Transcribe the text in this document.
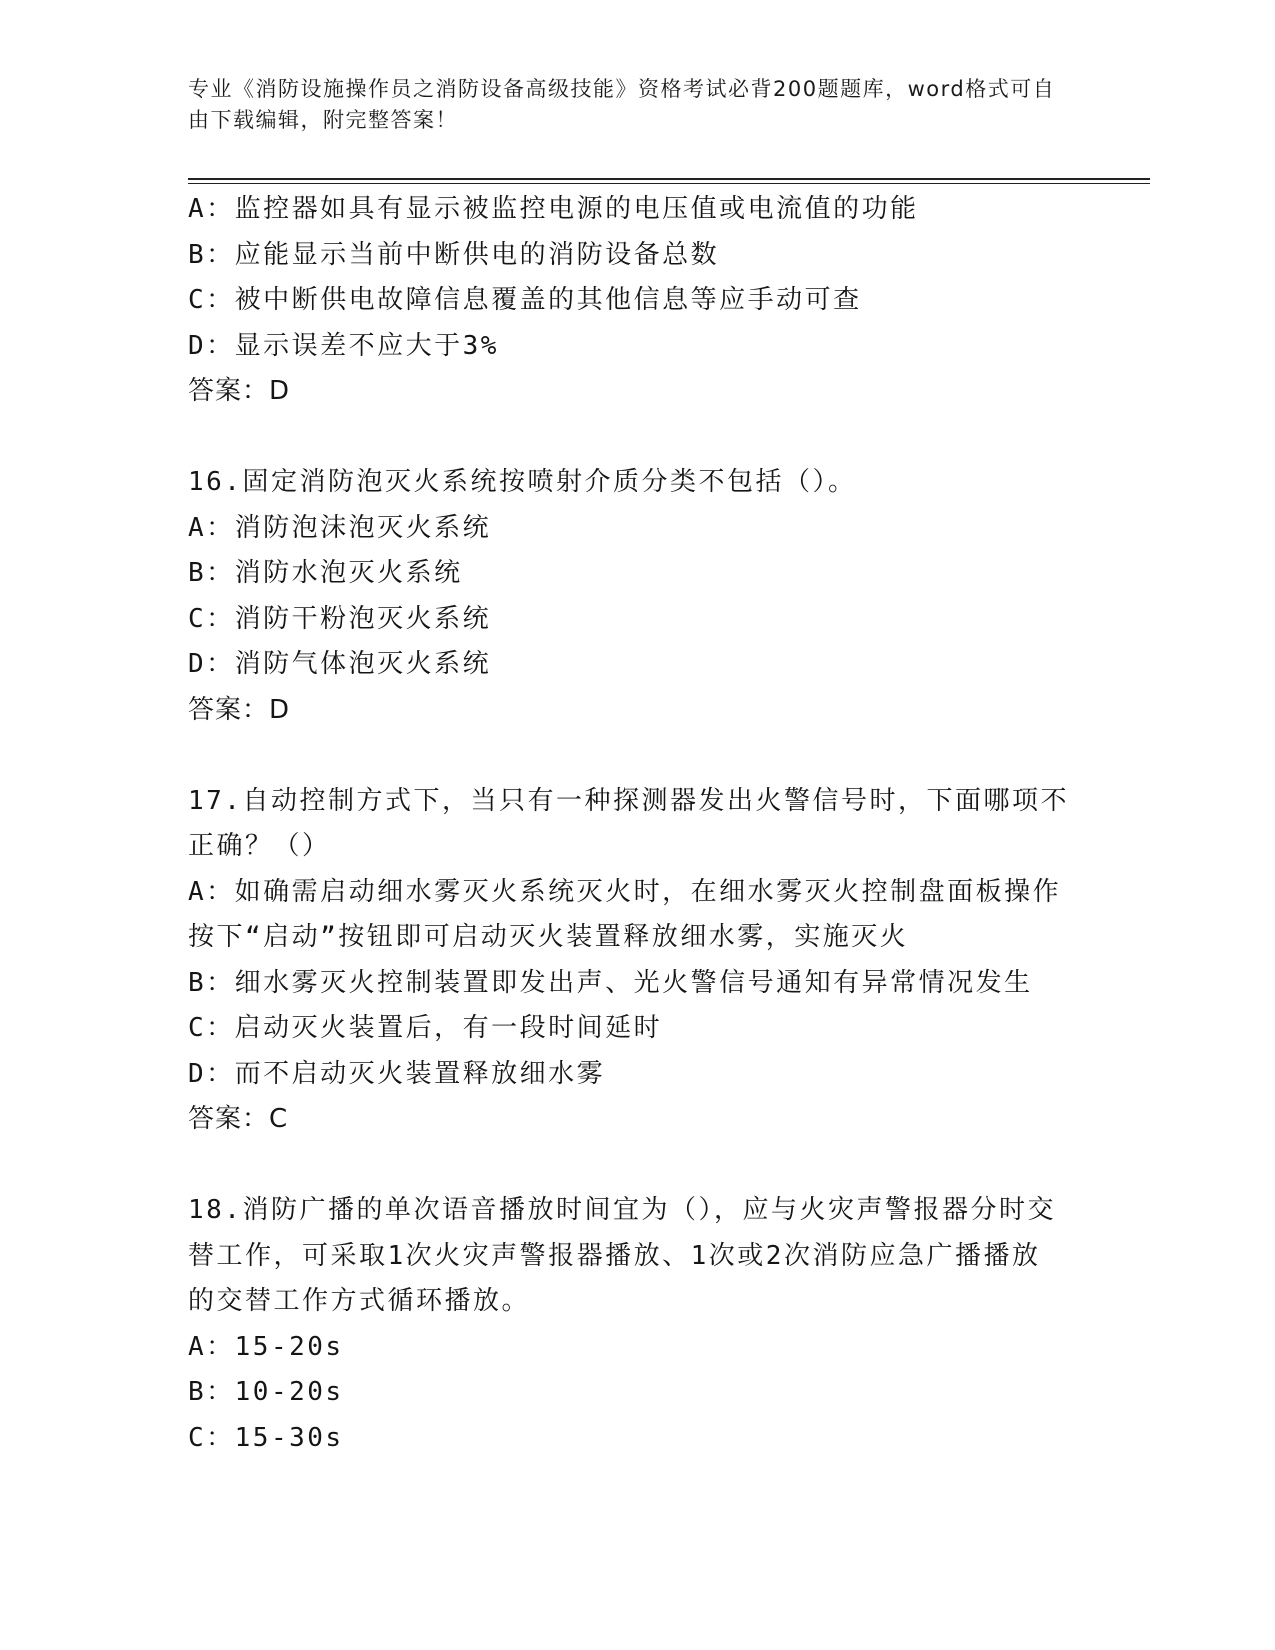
专业《消防设施操作员之消防设备高级技能》资格考试必背200题题库，word格式可自由下载编辑，附完整答案！

A：监控器如具有显示被监控电源的电压值或电流值的功能

B：应能显示当前中断供电的消防设备总数

C：被中断供电故障信息覆盖的其他信息等应手动可查

D：显示误差不应大于3%

答案：D

16.固定消防泡灭火系统按喷射介质分类不包括（）。

A：消防泡沫泡灭火系统

B：消防水泡灭火系统

C：消防干粉泡灭火系统

D：消防气体泡灭火系统

答案：D

17.自动控制方式下，当只有一种探测器发出火警信号时，下面哪项不

正确？（）

A：如确需启动细水雾灭火系统灭火时，在细水雾灭火控制盘面板操作

按下“启动”按钮即可启动灭火装置释放细水雾，实施灭火

B：细水雾灭火控制装置即发出声、光火警信号通知有异常情况发生

C：启动灭火装置后，有一段时间延时

D：而不启动灭火装置释放细水雾

答案：C

18.消防广播的单次语音播放时间宜为（），应与火灾声警报器分时交

替工作，可采取1次火灾声警报器播放、1次或2次消防应急广播播放

的交替工作方式循环播放。

A：15-20s

B：10-20s

C：15-30s
